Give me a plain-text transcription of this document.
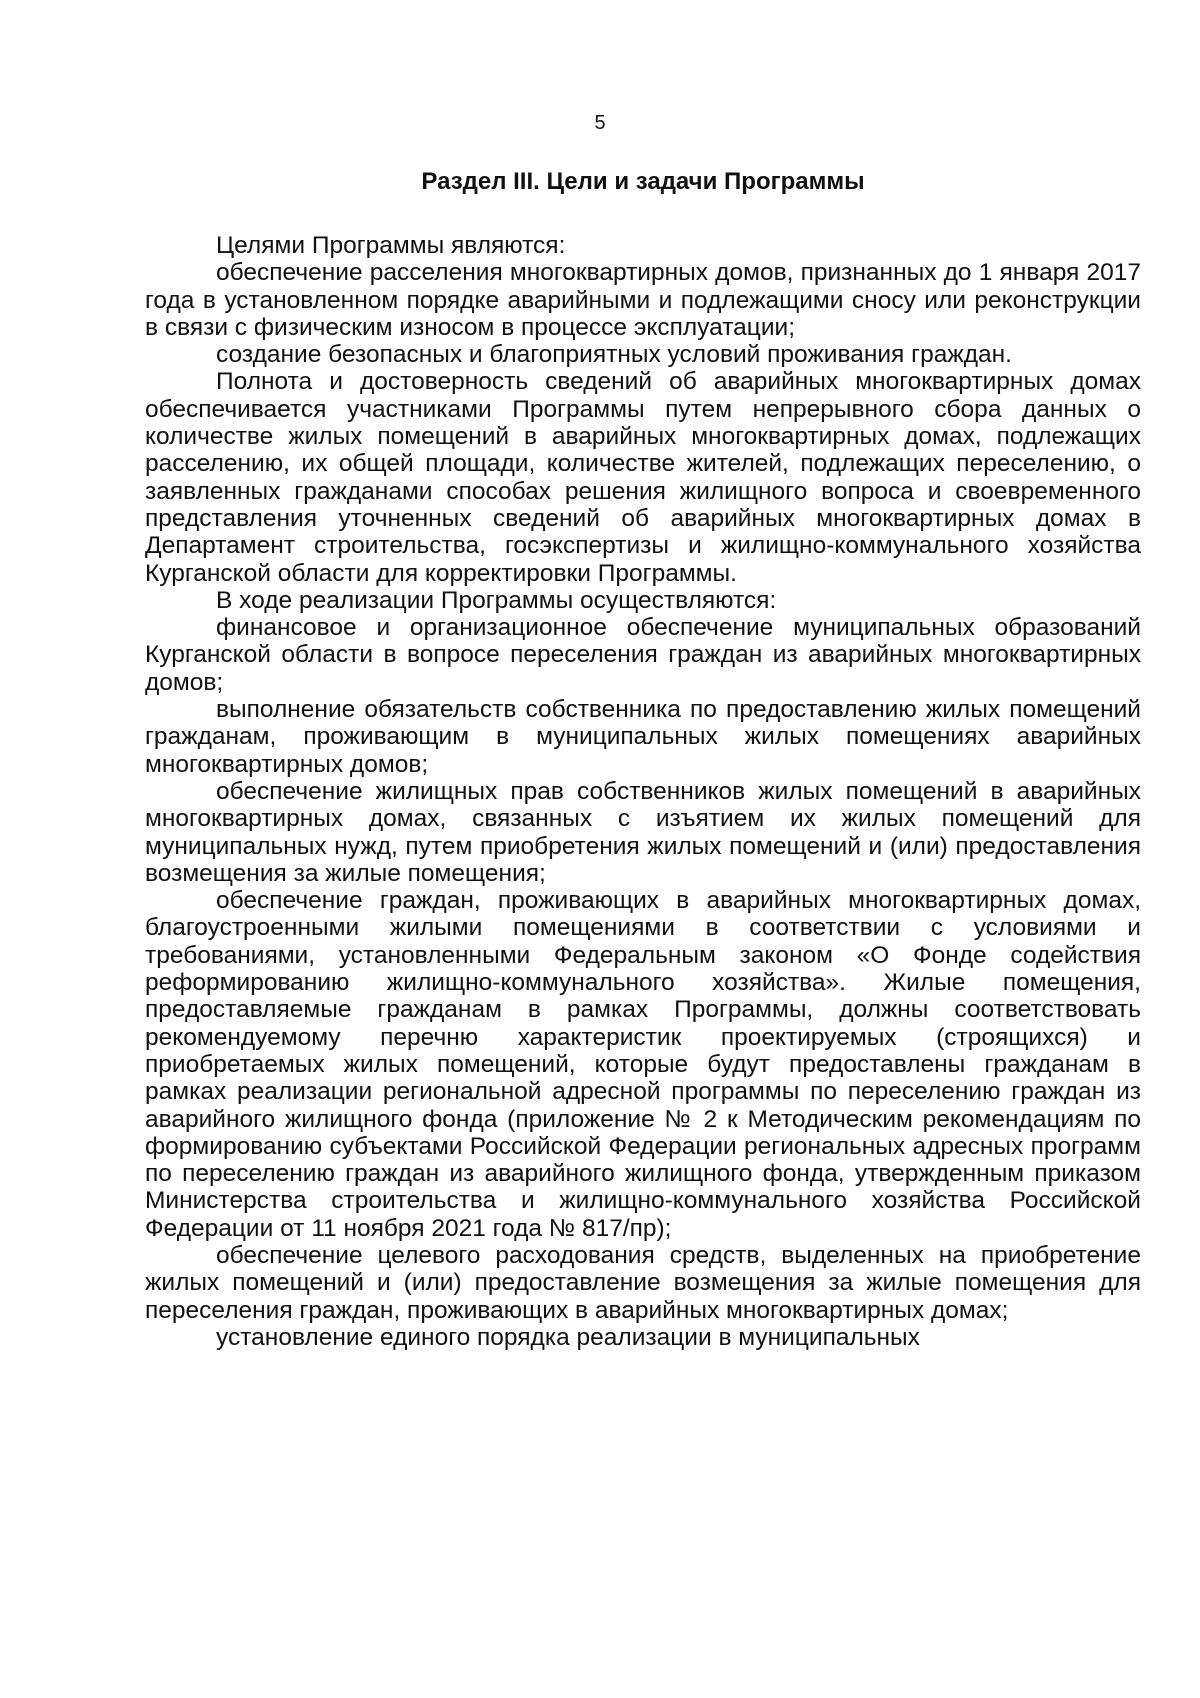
5
Раздел III. Цели и задачи Программы

Целями Программы являются:

обеспечение расселения многоквартирных домов, признанных до 1 января 2017 года в установленном порядке аварийными и подлежащими сносу или реконструкции в связи с физическим износом в процессе эксплуатации;

создание безопасных и благоприятных условий проживания граждан.

Полнота и достоверность сведений об аварийных многоквартирных домах обеспечивается участниками Программы путем непрерывного сбора данных о количестве жилых помещений в аварийных многоквартирных домах, подлежащих расселению, их общей площади, количестве жителей, подлежащих переселению, о заявленных гражданами способах решения жилищного вопроса и своевременного представления уточненных сведений об аварийных многоквартирных домах в Департамент строительства, госэкспертизы и жилищно-коммунального хозяйства Курганской области для корректировки Программы.

В ходе реализации Программы осуществляются:

финансовое и организационное обеспечение муниципальных образований Курганской области в вопросе переселения граждан из аварийных многоквартирных домов;

выполнение обязательств собственника по предоставлению жилых помещений гражданам, проживающим в муниципальных жилых помещениях аварийных многоквартирных домов;

обеспечение жилищных прав собственников жилых помещений в аварийных многоквартирных домах, связанных с изъятием их жилых помещений для муниципальных нужд, путем приобретения жилых помещений и (или) предоставления возмещения за жилые помещения;

обеспечение граждан, проживающих в аварийных многоквартирных домах, благоустроенными жилыми помещениями в соответствии с условиями и требованиями, установленными Федеральным законом «О Фонде содействия реформированию жилищно-коммунального хозяйства». Жилые помещения, предоставляемые гражданам в рамках Программы, должны соответствовать рекомендуемому перечню характеристик проектируемых (строящихся) и приобретаемых жилых помещений, которые будут предоставлены гражданам в рамках реализации региональной адресной программы по переселению граждан из аварийного жилищного фонда (приложение № 2 к Методическим рекомендациям по формированию субъектами Российской Федерации региональных адресных программ по переселению граждан из аварийного жилищного фонда, утвержденным приказом Министерства строительства и жилищно-коммунального хозяйства Российской Федерации от 11 ноября 2021 года № 817/пр);

обеспечение целевого расходования средств, выделенных на приобретение жилых помещений и (или) предоставление возмещения за жилые помещения для переселения граждан, проживающих в аварийных многоквартирных домах;

установление единого порядка реализации в муниципальных
